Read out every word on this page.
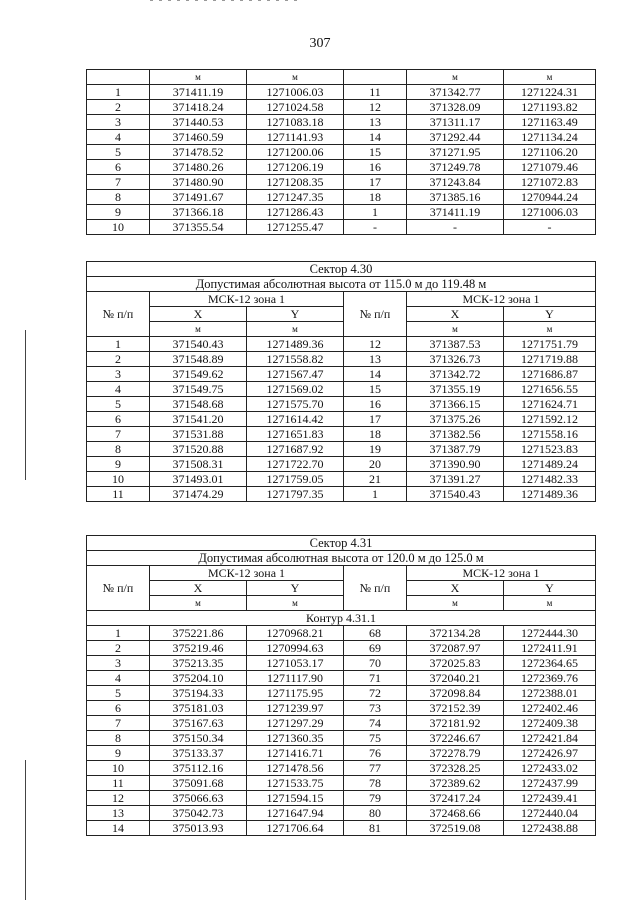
307
	м	м		м	м
1	371411.19	1271006.03	11	371342.77	1271224.31
2	371418.24	1271024.58	12	371328.09	1271193.82
3	371440.53	1271083.18	13	371311.17	1271163.49
4	371460.59	1271141.93	14	371292.44	1271134.24
5	371478.52	1271200.06	15	371271.95	1271106.20
6	371480.26	1271206.19	16	371249.78	1271079.46
7	371480.90	1271208.35	17	371243.84	1271072.83
8	371491.67	1271247.35	18	371385.16	1270944.24
9	371366.18	1271286.43	1	371411.19	1271006.03
10	371355.54	1271255.47	-	-	-
Сектор 4.30					
Допустимая абсолютная высота от 115.0 м до 119.48 м					
№ п/п	МСК-12 зона 1		№ п/п	МСК-12 зона 1	
	X	Y		X	Y
	м	м		м	м
1	371540.43	1271489.36	12	371387.53	1271751.79
2	371548.89	1271558.82	13	371326.73	1271719.88
3	371549.62	1271567.47	14	371342.72	1271686.87
4	371549.75	1271569.02	15	371355.19	1271656.55
5	371548.68	1271575.70	16	371366.15	1271624.71
6	371541.20	1271614.42	17	371375.26	1271592.12
7	371531.88	1271651.83	18	371382.56	1271558.16
8	371520.88	1271687.92	19	371387.79	1271523.83
9	371508.31	1271722.70	20	371390.90	1271489.24
10	371493.01	1271759.05	21	371391.27	1271482.33
11	371474.29	1271797.35	1	371540.43	1271489.36
Сектор 4.31					
Допустимая абсолютная высота от 120.0 м до 125.0 м					
№ п/п	МСК-12 зона 1		№ п/п	МСК-12 зона 1	
	X	Y		X	Y
	м	м		м	м
Контур 4.31.1					
1	375221.86	1270968.21	68	372134.28	1272444.30
2	375219.46	1270994.63	69	372087.97	1272411.91
3	375213.35	1271053.17	70	372025.83	1272364.65
4	375204.10	1271117.90	71	372040.21	1272369.76
5	375194.33	1271175.95	72	372098.84	1272388.01
6	375181.03	1271239.97	73	372152.39	1272402.46
7	375167.63	1271297.29	74	372181.92	1272409.38
8	375150.34	1271360.35	75	372246.67	1272421.84
9	375133.37	1271416.71	76	372278.79	1272426.97
10	375112.16	1271478.56	77	372328.25	1272433.02
11	375091.68	1271533.75	78	372389.62	1272437.99
12	375066.63	1271594.15	79	372417.24	1272439.41
13	375042.73	1271647.94	80	372468.66	1272440.04
14	375013.93	1271706.64	81	372519.08	1272438.88
